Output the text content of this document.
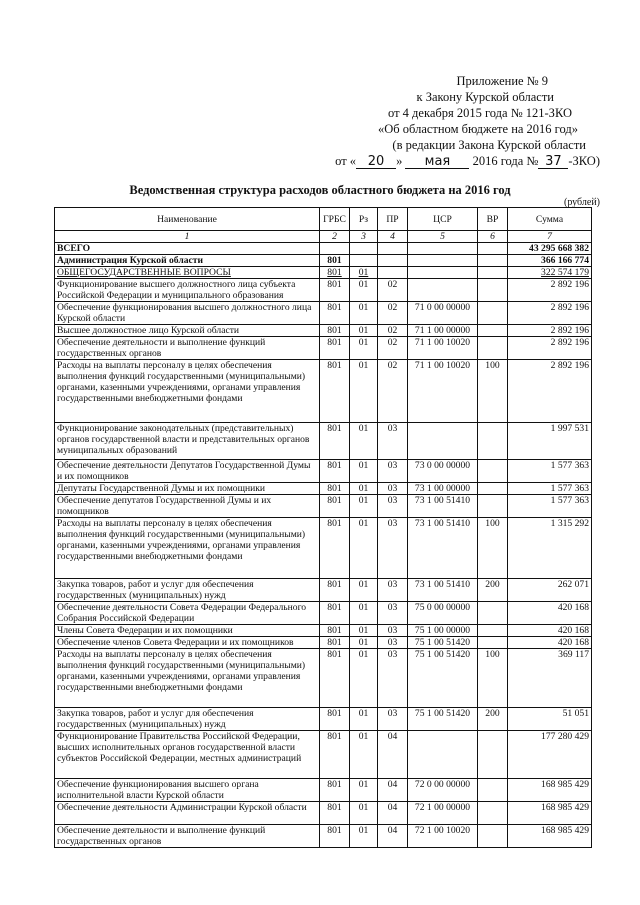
Приложение № 9
к Закону Курской области
от 4 декабря 2015 года № 121-ЗКО
«Об областном бюджете на 2016 год»
(в редакции Закона Курской области
от « 20 » мая 2016 года № 37 -ЗКО)
Ведомственная структура расходов областного бюджета на 2016 год
(рублей)
Наименование	ГРБС	Рз	ПР	ЦСР	ВР	Сумма
1	2	3	4	5	6	7
ВСЕГО						43 295 668 382
Администрация Курской области	801					366 166 774
ОБЩЕГОСУДАРСТВЕННЫЕ ВОПРОСЫ	801	01				322 574 179
Функционирование высшего должностного лица субъекта Российской Федерации и муниципального образования	801	01	02			2 892 196
Обеспечение функционирования высшего должностного лица Курской области	801	01	02	71 0 00 00000		2 892 196
Высшее должностное лицо Курской области	801	01	02	71 1 00 00000		2 892 196
Обеспечение деятельности и выполнение функций государственных органов	801	01	02	71 1 00 10020		2 892 196
Расходы на выплаты персоналу в целях обеспечения выполнения функций государственными (муниципальными) органами, казенными учреждениями, органами управления государственными внебюджетными фондами	801	01	02	71 1 00 10020	100	2 892 196
Функционирование законодательных (представительных) органов государственной власти и представительных органов муниципальных образований	801	01	03			1 997 531
Обеспечение деятельности Депутатов Государственной Думы и их помощников	801	01	03	73 0 00 00000		1 577 363
Депутаты Государственной Думы и их помощники	801	01	03	73 1 00 00000		1 577 363
Обеспечение депутатов Государственной Думы и их помощников	801	01	03	73 1 00 51410		1 577 363
Расходы на выплаты персоналу в целях обеспечения выполнения функций государственными (муниципальными) органами, казенными учреждениями, органами управления государственными внебюджетными фондами	801	01	03	73 1 00 51410	100	1 315 292
Закупка товаров, работ и услуг для обеспечения государственных (муниципальных) нужд	801	01	03	73 1 00 51410	200	262 071
Обеспечение деятельности Совета Федерации Федерального Собрания Российской Федерации	801	01	03	75 0 00 00000		420 168
Члены Совета Федерации и их помощники	801	01	03	75 1 00 00000		420 168
Обеспечение членов Совета Федерации и их помощников	801	01	03	75 1 00 51420		420 168
Расходы на выплаты персоналу в целях обеспечения выполнения функций государственными (муниципальными) органами, казенными учреждениями, органами управления государственными внебюджетными фондами	801	01	03	75 1 00 51420	100	369 117
Закупка товаров, работ и услуг для обеспечения государственных (муниципальных) нужд	801	01	03	75 1 00 51420	200	51 051
Функционирование Правительства Российской Федерации, высших исполнительных органов государственной власти субъектов Российской Федерации, местных администраций	801	01	04			177 280 429
Обеспечение функционирования высшего органа исполнительной власти Курской области	801	01	04	72 0 00 00000		168 985 429
Обеспечение деятельности Администрации Курской области	801	01	04	72 1 00 00000		168 985 429
Обеспечение деятельности и выполнение функций государственных органов	801	01	04	72 1 00 10020		168 985 429
